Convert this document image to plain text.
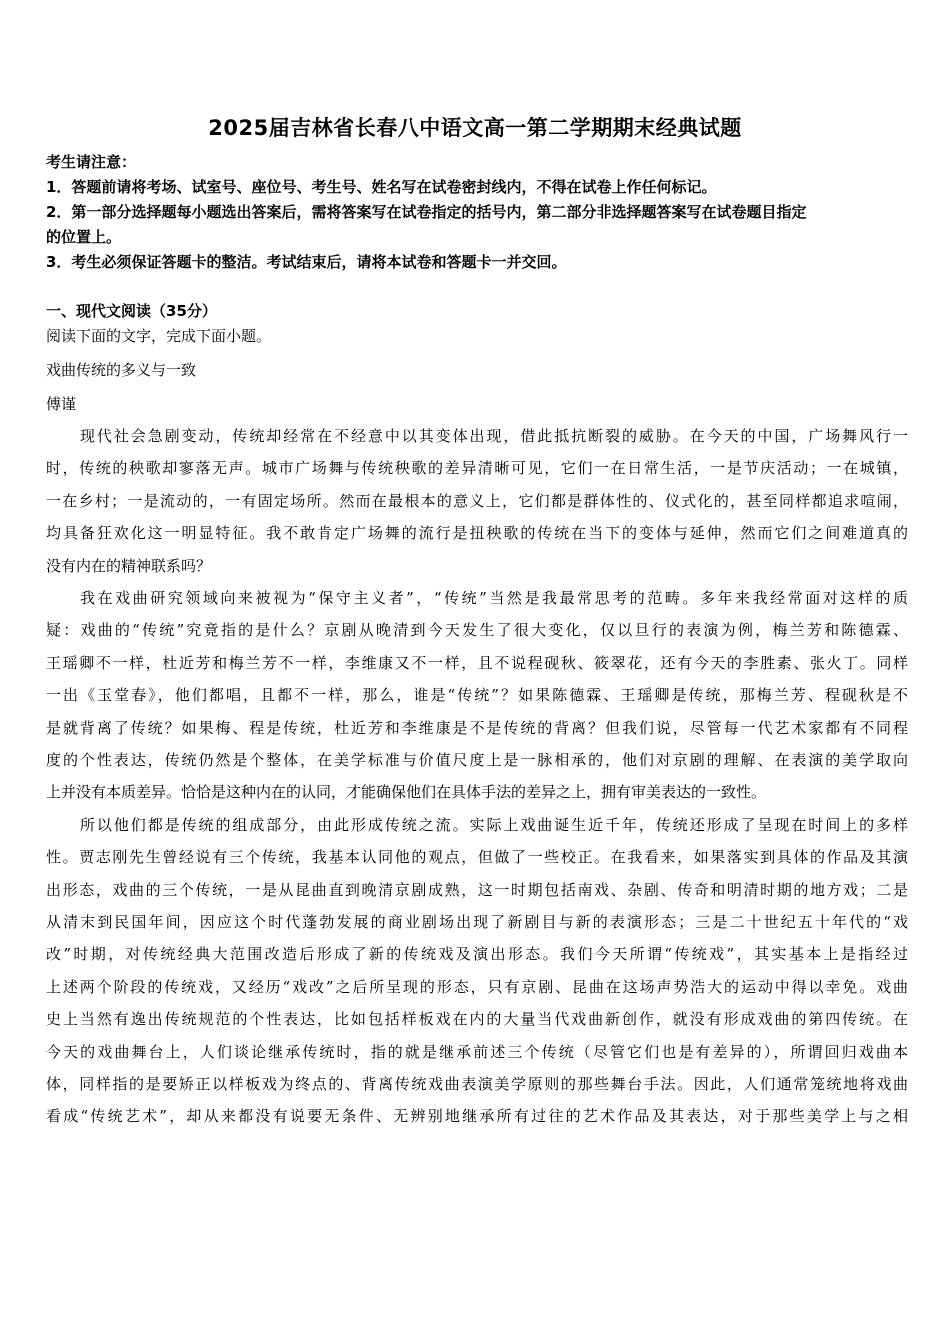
2025届吉林省长春八中语文高一第二学期期末经典试题
考生请注意：
1．答题前请将考场、试室号、座位号、考生号、姓名写在试卷密封线内，不得在试卷上作任何标记。
2．第一部分选择题每小题选出答案后，需将答案写在试卷指定的括号内，第二部分非选择题答案写在试卷题目指定
的位置上。
3．考生必须保证答题卡的整洁。考试结束后，请将本试卷和答题卡一并交回。
一、现代文阅读（35分）
阅读下面的文字，完成下面小题。
戏曲传统的多义与一致
傅谨
现代社会急剧变动，传统却经常在不经意中以其变体出现，借此抵抗断裂的威胁。在今天的中国，广场舞风行一
时，传统的秧歌却寥落无声。城市广场舞与传统秧歌的差异清晰可见，它们一在日常生活，一是节庆活动；一在城镇，
一在乡村；一是流动的，一有固定场所。然而在最根本的意义上，它们都是群体性的、仪式化的，甚至同样都追求喧闹，
均具备狂欢化这一明显特征。我不敢肯定广场舞的流行是扭秧歌的传统在当下的变体与延伸，然而它们之间难道真的
没有内在的精神联系吗？
我在戏曲研究领域向来被视为“保守主义者”，“传统”当然是我最常思考的范畴。多年来我经常面对这样的质
疑：戏曲的“传统”究竟指的是什么？京剧从晚清到今天发生了很大变化，仅以旦行的表演为例，梅兰芳和陈德霖、
王瑶卿不一样，杜近芳和梅兰芳不一样，李维康又不一样，且不说程砚秋、筱翠花，还有今天的李胜素、张火丁。同样
一出《玉堂春》，他们都唱，且都不一样，那么，谁是“传统”？如果陈德霖、王瑶卿是传统，那梅兰芳、程砚秋是不
是就背离了传统？如果梅、程是传统，杜近芳和李维康是不是传统的背离？但我们说，尽管每一代艺术家都有不同程
度的个性表达，传统仍然是个整体，在美学标准与价值尺度上是一脉相承的，他们对京剧的理解、在表演的美学取向
上并没有本质差异。恰恰是这种内在的认同，才能确保他们在具体手法的差异之上，拥有审美表达的一致性。
所以他们都是传统的组成部分，由此形成传统之流。实际上戏曲诞生近千年，传统还形成了呈现在时间上的多样
性。贾志刚先生曾经说有三个传统，我基本认同他的观点，但做了一些校正。在我看来，如果落实到具体的作品及其演
出形态，戏曲的三个传统，一是从昆曲直到晚清京剧成熟，这一时期包括南戏、杂剧、传奇和明清时期的地方戏；二是
从清末到民国年间，因应这个时代蓬勃发展的商业剧场出现了新剧目与新的表演形态；三是二十世纪五十年代的“戏
改”时期，对传统经典大范围改造后形成了新的传统戏及演出形态。我们今天所谓“传统戏”，其实基本上是指经过
上述两个阶段的传统戏，又经历“戏改”之后所呈现的形态，只有京剧、昆曲在这场声势浩大的运动中得以幸免。戏曲
史上当然有逸出传统规范的个性表达，比如包括样板戏在内的大量当代戏曲新创作，就没有形成戏曲的第四传统。在
今天的戏曲舞台上，人们谈论继承传统时，指的就是继承前述三个传统（尽管它们也是有差异的），所谓回归戏曲本
体，同样指的是要矫正以样板戏为终点的、背离传统戏曲表演美学原则的那些舞台手法。因此，人们通常笼统地将戏曲
看成“传统艺术”，却从来都没有说要无条件、无辨别地继承所有过往的艺术作品及其表达，对于那些美学上与之相
